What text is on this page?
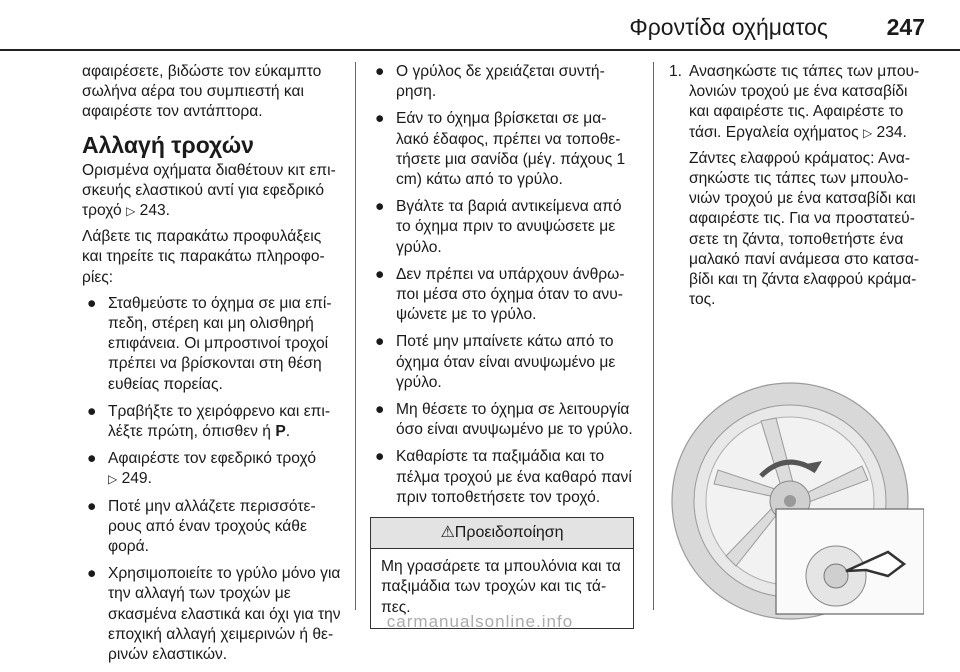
Φροντίδα οχήματος	247

αφαιρέσετε, βιδώστε τον εύκαμπτο σωλήνα αέρα του συμπιεστή και αφαιρέστε τον αντάπτορα.

Αλλαγή τροχών

Ορισμένα οχήματα διαθέτουν κιτ επισκευής ελαστικού αντί για εφεδρικό τροχό ▷ 243.

Λάβετε τις παρακάτω προφυλάξεις και τηρείτε τις παρακάτω πληροφορίες:

● Σταθμεύστε το όχημα σε μια επίπεδη, στέρεη και μη ολισθηρή επιφάνεια. Οι μπροστινοί τροχοί πρέπει να βρίσκονται στη θέση ευθείας πορείας.
● Τραβήξτε το χειρόφρενο και επιλέξτε πρώτη, όπισθεν ή P.
● Αφαιρέστε τον εφεδρικό τροχό
▷ 249.
● Ποτέ μην αλλάζετε περισσότερους από έναν τροχούς κάθε φορά.
● Χρησιμοποιείτε το γρύλο μόνο για την αλλαγή των τροχών με σκασμένα ελαστικά και όχι για την εποχική αλλαγή χειμερινών ή θερινών ελαστικών.
● Ο γρύλος δε χρειάζεται συντήρηση.
● Εάν το όχημα βρίσκεται σε μαλακό έδαφος, πρέπει να τοποθετήσετε μια σανίδα (μέγ. πάχους 1 cm) κάτω από το γρύλο.
● Βγάλτε τα βαριά αντικείμενα από το όχημα πριν το ανυψώσετε με γρύλο.
● Δεν πρέπει να υπάρχουν άνθρωποι μέσα στο όχημα όταν το ανυψώνετε με το γρύλο.
● Ποτέ μην μπαίνετε κάτω από το όχημα όταν είναι ανυψωμένο με γρύλο.
● Μη θέσετε το όχημα σε λειτουργία όσο είναι ανυψωμένο με το γρύλο.
● Καθαρίστε τα παξιμάδια και το πέλμα τροχού με ένα καθαρό πανί πριν τοποθετήσετε τον τροχό.
⚠Προειδοποίηση
Μη γρασάρετε τα μπουλόνια και τα παξιμάδια των τροχών και τις τάπες.
1. Ανασηκώστε τις τάπες των μπουλονιών τροχού με ένα κατσαβίδι και αφαιρέστε τις. Αφαιρέστε το τάσι. Εργαλεία οχήματος ▷ 234.
Ζάντες ελαφρού κράματος: Ανασηκώστε τις τάπες των μπουλονιών τροχού με ένα κατσαβίδι και αφαιρέστε τις. Για να προστατεύσετε τη ζάντα, τοποθετήστε ένα μαλακό πανί ανάμεσα στο κατσαβίδι και τη ζάντα ελαφρού κράματος.
carmanualsonline.info
